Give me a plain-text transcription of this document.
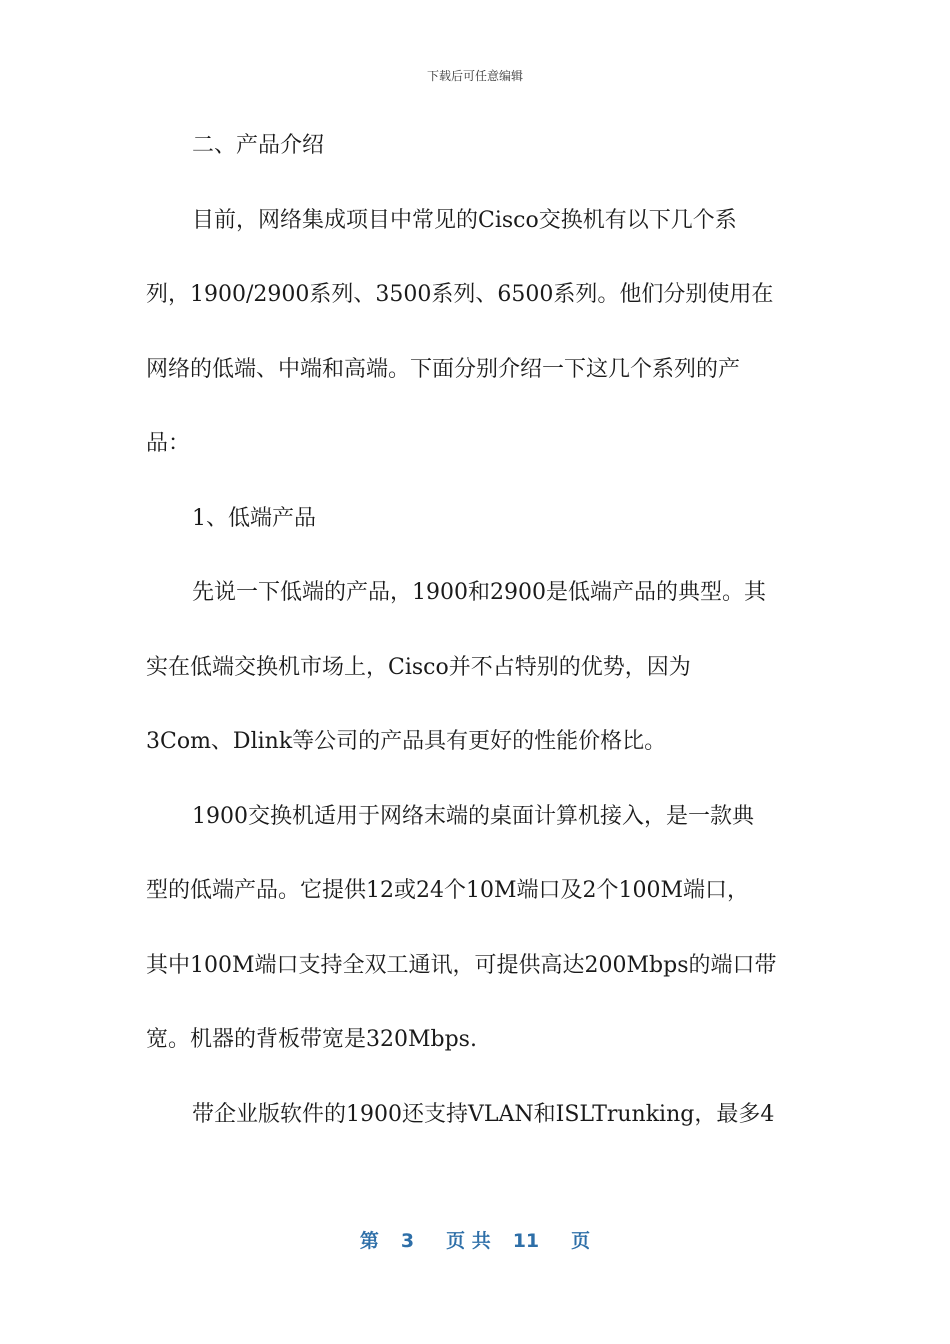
下载后可任意编辑
二、产品介绍
目前，网络集成项目中常见的Cisco交换机有以下几个系
列，1900/2900系列、3500系列、6500系列。他们分别使用在
网络的低端、中端和高端。下面分别介绍一下这几个系列的产
品：
1、低端产品
先说一下低端的产品，1900和2900是低端产品的典型。其
实在低端交换机市场上，Cisco并不占特别的优势，因为
3Com、Dlink等公司的产品具有更好的性能价格比。
1900交换机适用于网络末端的桌面计算机接入，是一款典
型的低端产品。它提供12或24个10M端口及2个100M端口，
其中100M端口支持全双工通讯，可提供高达200Mbps的端口带
宽。机器的背板带宽是320Mbps.
带企业版软件的1900还支持VLAN和ISLTrunking，最多4
第 3 页 共 11 页
